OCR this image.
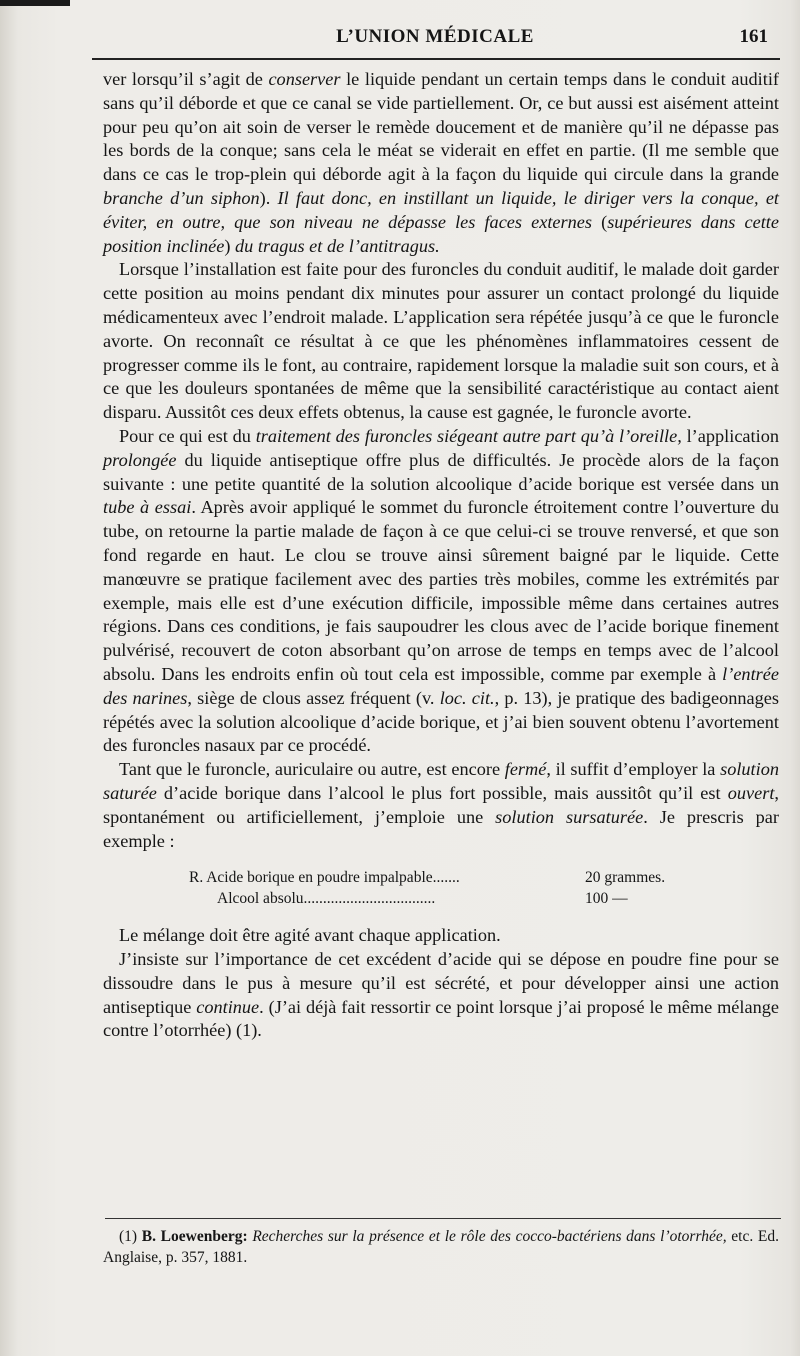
L’UNION MÉDICALE	161

ver lorsqu’il s’agit de conserver le liquide pendant un certain temps dans le conduit auditif sans qu’il déborde et que ce canal se vide partiellement. Or, ce but aussi est aisément atteint pour peu qu’on ait soin de verser le remède doucement et de manière qu’il ne dépasse pas les bords de la conque; sans cela le méat se viderait en effet en partie. (Il me semble que dans ce cas le trop-plein qui déborde agit à la façon du liquide qui circule dans la grande branche d’un siphon). Il faut donc, en instillant un liquide, le diriger vers la conque, et éviter, en outre, que son niveau ne dépasse les faces externes (supérieures dans cette position inclinée) du tragus et de l’antitragus.

Lorsque l’installation est faite pour des furoncles du conduit auditif, le malade doit garder cette position au moins pendant dix minutes pour assurer un contact prolongé du liquide médicamenteux avec l’endroit malade. L’application sera répétée jusqu’à ce que le furoncle avorte. On reconnaît ce résultat à ce que les phénomènes inflammatoires cessent de progresser comme ils le font, au contraire, rapidement lorsque la maladie suit son cours, et à ce que les douleurs spontanées de même que la sensibilité caractéristique au contact aient disparu. Aussitôt ces deux effets obtenus, la cause est gagnée, le furoncle avorte.

Pour ce qui est du traitement des furoncles siégeant autre part qu’à l’oreille, l’application prolongée du liquide antiseptique offre plus de difficultés. Je procède alors de la façon suivante : une petite quantité de la solution alcoolique d’acide borique est versée dans un tube à essai. Après avoir appliqué le sommet du furoncle étroitement contre l’ouverture du tube, on retourne la partie malade de façon à ce que celui-ci se trouve renversé, et que son fond regarde en haut. Le clou se trouve ainsi sûrement baigné par le liquide. Cette manœuvre se pratique facilement avec des parties très mobiles, comme les extrémités par exemple, mais elle est d’une exécution difficile, impossible même dans certaines autres régions. Dans ces conditions, je fais saupoudrer les clous avec de l’acide borique finement pulvérisé, recouvert de coton absorbant qu’on arrose de temps en temps avec de l’alcool absolu. Dans les endroits enfin où tout cela est impossible, comme par exemple à l’entrée des narines, siège de clous assez fréquent (v. loc. cit., p. 13), je pratique des badigeonnages répétés avec la solution alcoolique d’acide borique, et j’ai bien souvent obtenu l’avortement des furoncles nasaux par ce procédé.

Tant que le furoncle, auriculaire ou autre, est encore fermé, il suffit d’employer la solution saturée d’acide borique dans l’alcool le plus fort possible, mais aussitôt qu’il est ouvert, spontanément ou artificiellement, j’emploie une solution sursaturée. Je prescris par exemple :

R. Acide borique en poudre impalpable.......	20 grammes.
Alcool absolu..................................	100 —

Le mélange doit être agité avant chaque application.

J’insiste sur l’importance de cet excédent d’acide qui se dépose en poudre fine pour se dissoudre dans le pus à mesure qu’il est sécrété, et pour développer ainsi une action antiseptique continue. (J’ai déjà fait ressortir ce point lorsque j’ai proposé le même mélange contre l’otorrhée) (1).

(1) B. Loewenberg: Recherches sur la présence et le rôle des cocco-bactériens dans l’otorrhée, etc. Ed. Anglaise, p. 357, 1881.
